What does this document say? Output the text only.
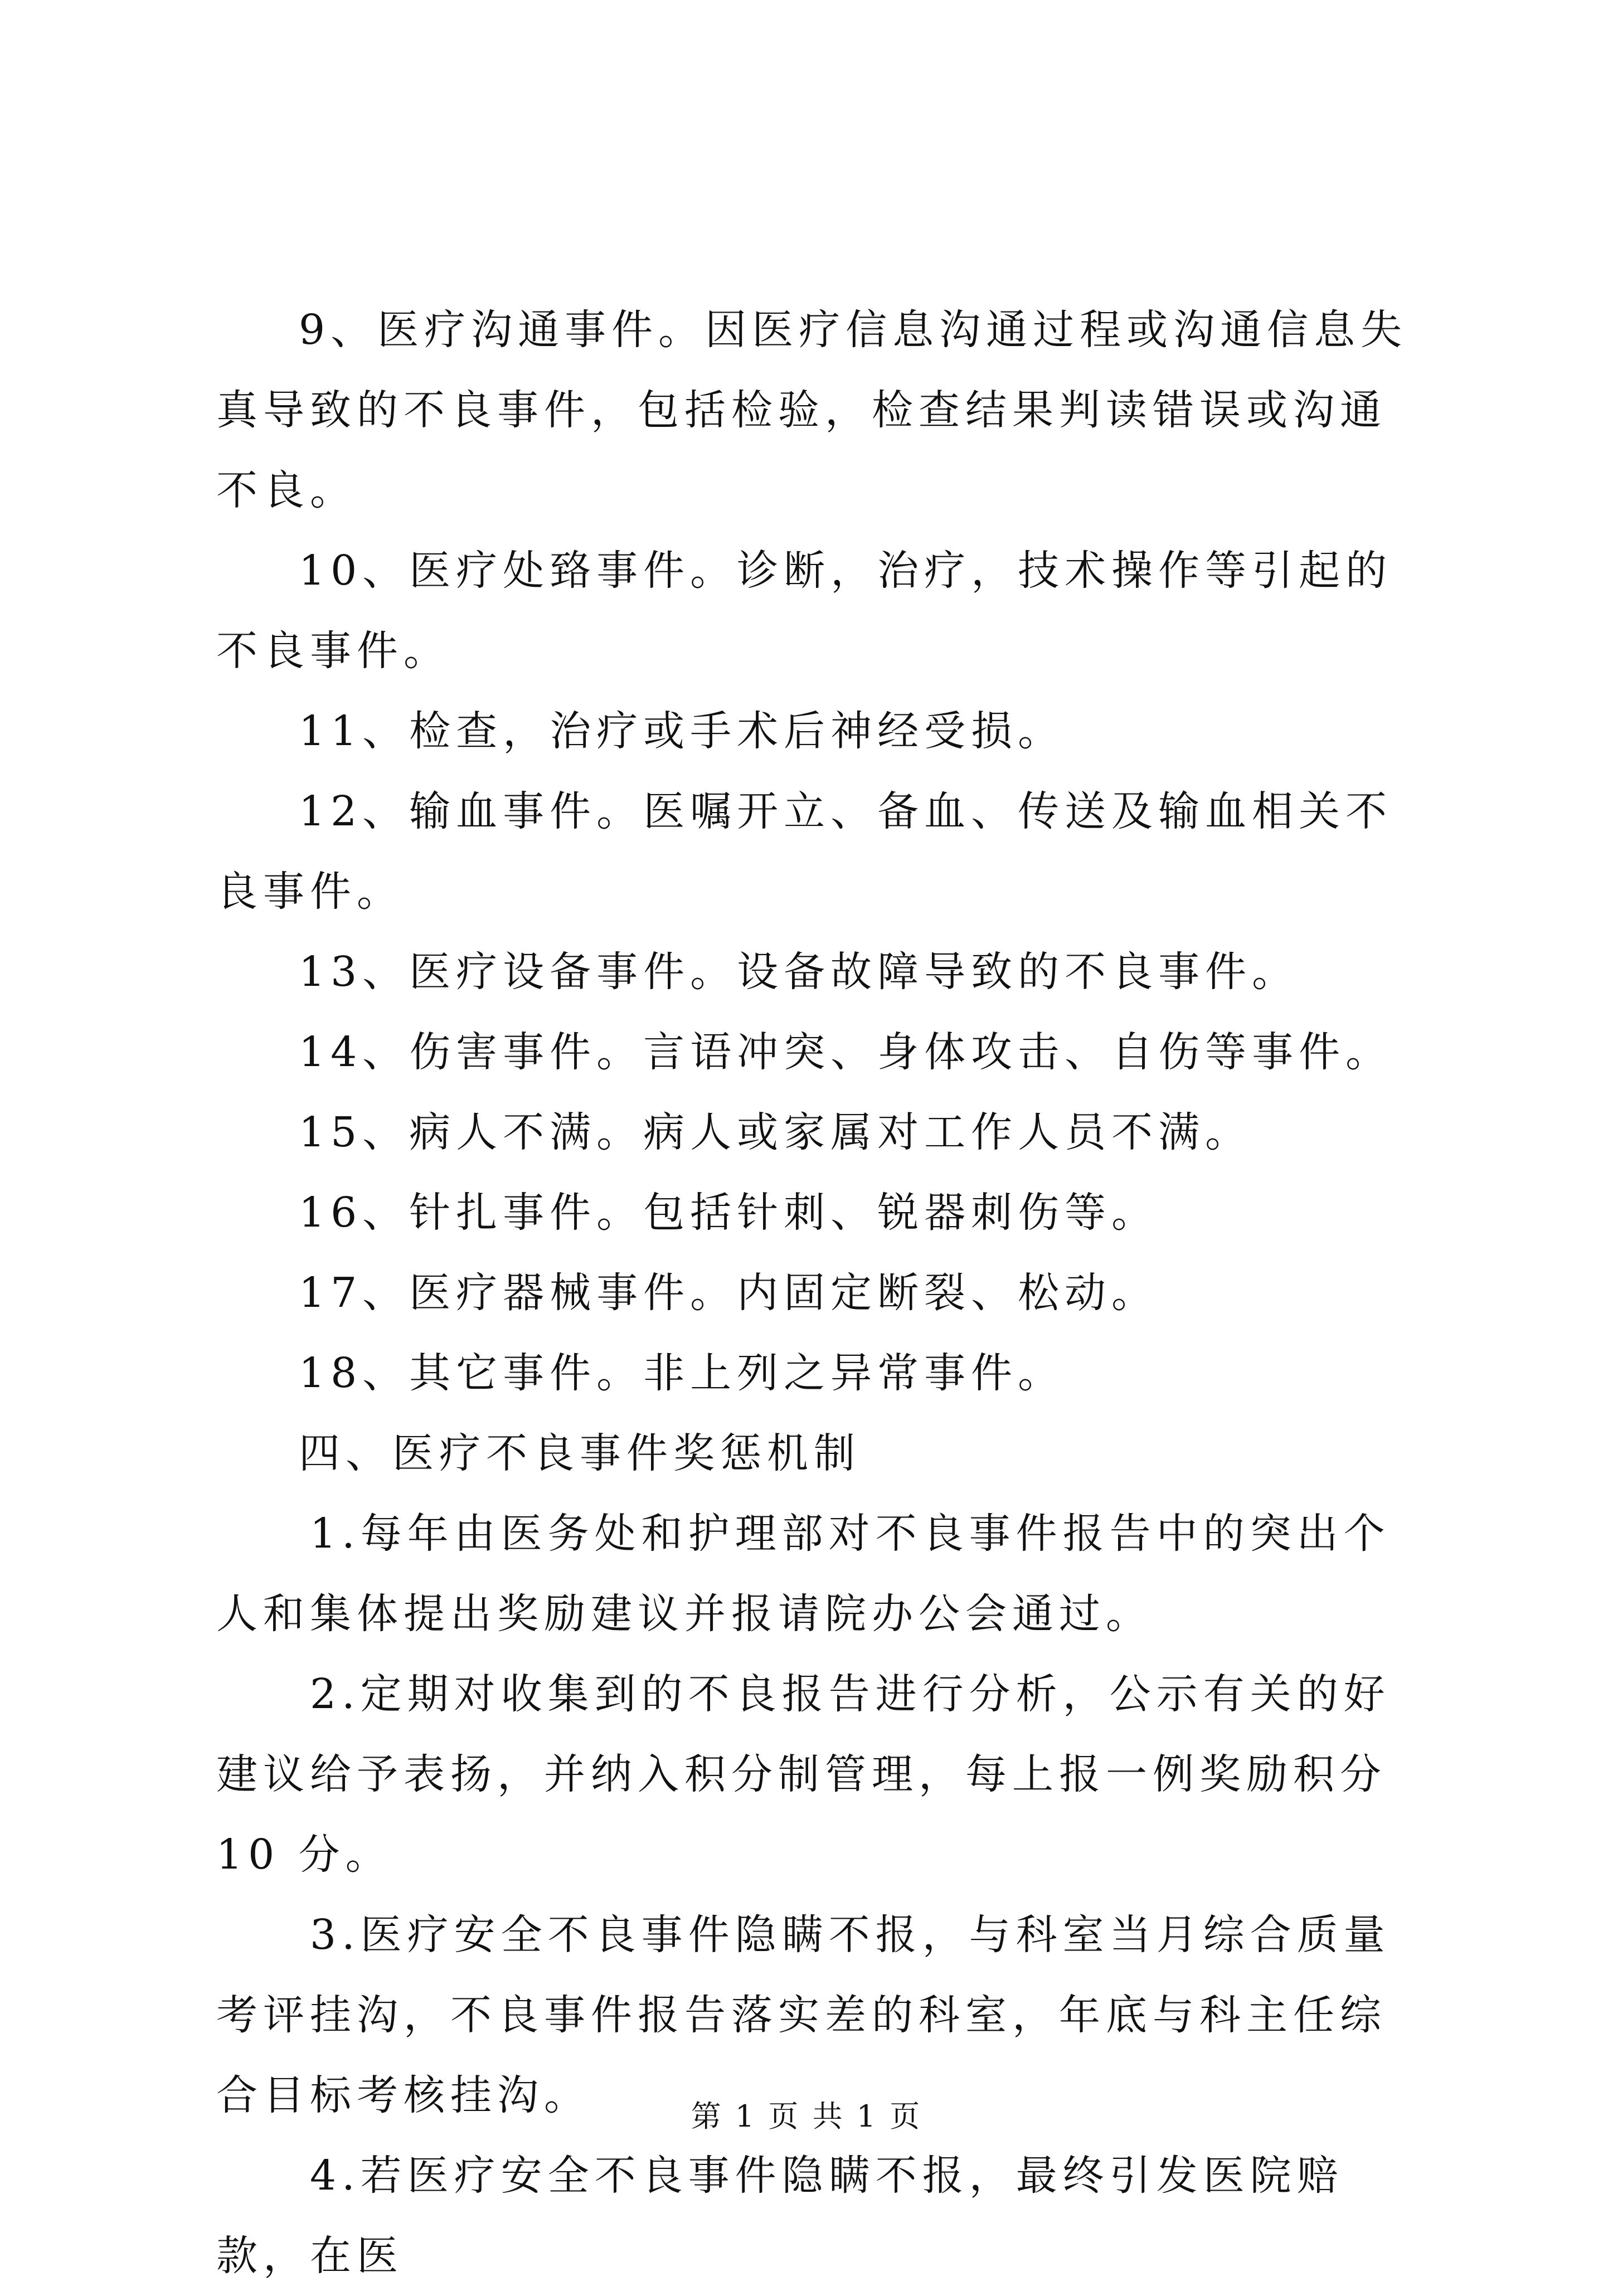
9、医疗沟通事件。因医疗信息沟通过程或沟通信息失真导致的不良事件，包括检验，检查结果判读错误或沟通不良。

10、医疗处臵事件。诊断，治疗，技术操作等引起的不良事件。

11、检查，治疗或手术后神经受损。

12、输血事件。医嘱开立、备血、传送及输血相关不良事件。

13、医疗设备事件。设备故障导致的不良事件。

14、伤害事件。言语冲突、身体攻击、自伤等事件。

15、病人不满。病人或家属对工作人员不满。

16、针扎事件。包括针刺、锐器刺伤等。

17、医疗器械事件。内固定断裂、松动。

18、其它事件。非上列之异常事件。

四、医疗不良事件奖惩机制

1.每年由医务处和护理部对不良事件报告中的突出个人和集体提出奖励建议并报请院办公会通过。

2.定期对收集到的不良报告进行分析，公示有关的好建议给予表扬，并纳入积分制管理，每上报一例奖励积分 10 分。

3.医疗安全不良事件隐瞒不报，与科室当月综合质量考评挂沟，不良事件报告落实差的科室，年底与科主任综合目标考核挂沟。

4.若医疗安全不良事件隐瞒不报，最终引发医院赔款，在医

第 1 页 共 1 页
